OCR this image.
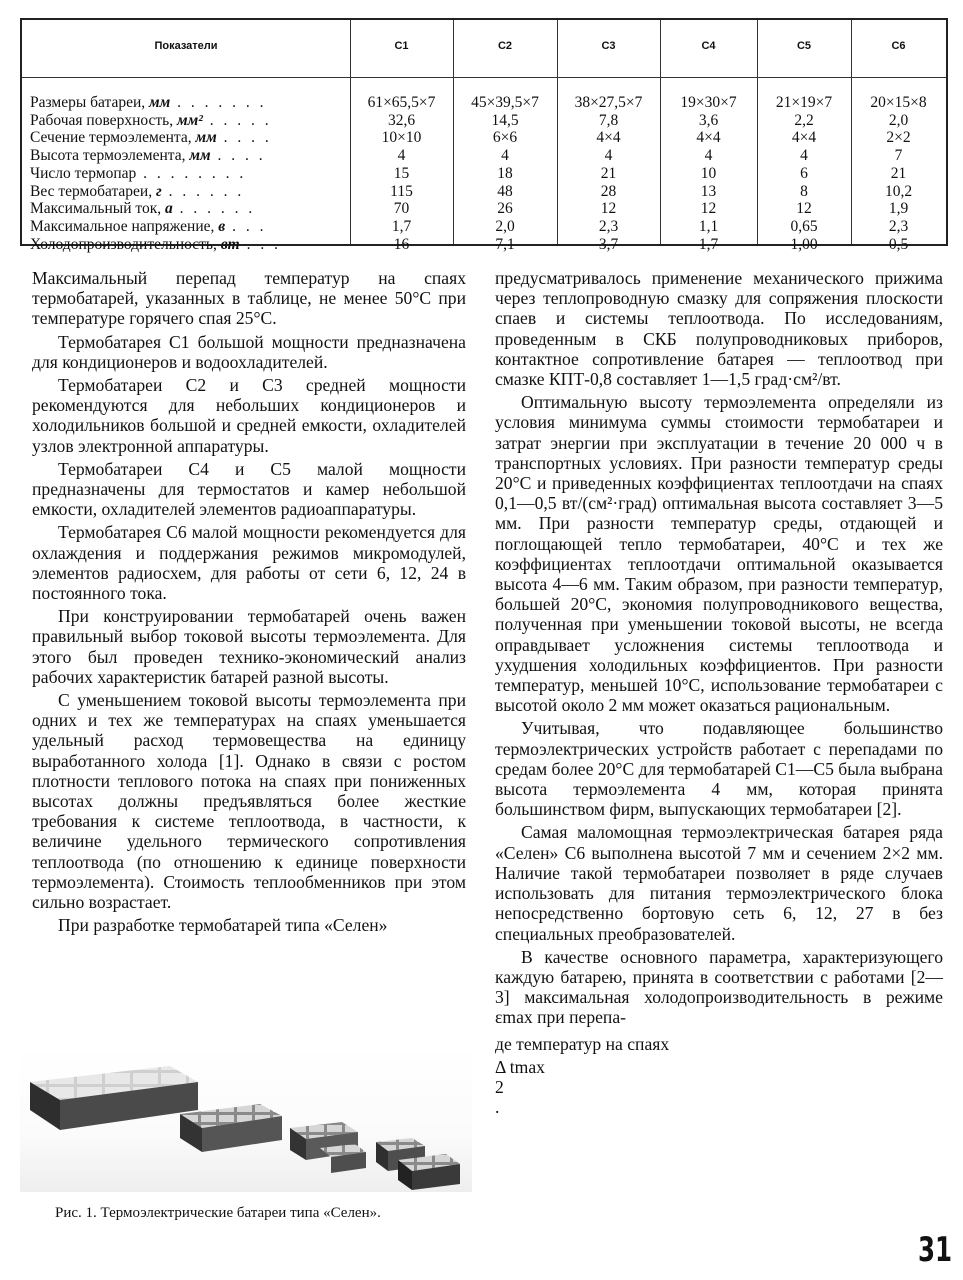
Показатели	С1	С2	С3	С4	С5	С6
Размеры батареи, мм . . . . . . .	61×65,5×7	45×39,5×7	38×27,5×7	19×30×7	21×19×7	20×15×8
Рабочая поверхность, мм² . . . . .	32,6	14,5	7,8	3,6	2,2	2,0
Сечение термоэлемента, мм . . . .	10×10	6×6	4×4	4×4	4×4	2×2
Высота термоэлемента, мм . . . .	4	4	4	4	4	7
Число термопар . . . . . . . .	15	18	21	10	6	21
Вес термобатареи, г . . . . . .	115	48	28	13	8	10,2
Максимальный ток, а . . . . . .	70	26	12	12	12	1,9
Максимальное напряжение, в . . .	1,7	2,0	2,3	1,1	0,65	2,3
Холодопроизводительность, вт . . .	16	7,1	3,7	1,7	1,00	0,5

Максимальный перепад температур на спаях термобатарей, указанных в таблице, не менее 50°С при температуре горячего спая 25°С.

Термобатарея С1 большой мощности предназначена для кондиционеров и водоохладителей.

Термобатареи С2 и С3 средней мощности рекомендуются для небольших кондиционеров и холодильников большой и средней емкости, охладителей узлов электронной аппаратуры.

Термобатареи С4 и С5 малой мощности предназначены для термостатов и камер небольшой емкости, охладителей элементов радиоаппаратуры.

Термобатарея С6 малой мощности рекомендуется для охлаждения и поддержания режимов микромодулей, элементов радиосхем, для работы от сети 6, 12, 24 в постоянного тока.

При конструировании термобатарей очень важен правильный выбор токовой высоты термоэлемента. Для этого был проведен технико-экономический анализ рабочих характеристик батарей разной высоты.

С уменьшением токовой высоты термоэлемента при одних и тех же температурах на спаях уменьшается удельный расход термовещества на единицу выработанного холода [1]. Однако в связи с ростом плотности теплового потока на спаях при пониженных высотах должны предъявляться более жесткие требования к системе теплоотвода, в частности, к величине удельного термического сопротивления теплоотвода (по отношению к единице поверхности термоэлемента). Стоимость теплообменников при этом сильно возрастает.

При разработке термобатарей типа «Селен»

Рис. 1. Термоэлектрические батареи типа «Селен».

предусматривалось применение механического прижима через теплопроводную смазку для сопряжения плоскости спаев и системы теплоотвода. По исследованиям, проведенным в СКБ полупроводниковых приборов, контактное сопротивление батарея — теплоотвод при смазке КПТ-0,8 составляет 1—1,5 град·см²/вт.

Оптимальную высоту термоэлемента определяли из условия минимума суммы стоимости термобатареи и затрат энергии при эксплуатации в течение 20 000 ч в транспортных условиях. При разности температур среды 20°С и приведенных коэффициентах теплоотдачи на спаях 0,1—0,5 вт/(см²·град) оптимальная высота составляет 3—5 мм. При разности температур среды, отдающей и поглощающей тепло термобатареи, 40°С и тех же коэффициентах теплоотдачи оптимальной оказывается высота 4—6 мм. Таким образом, при разности температур, большей 20°С, экономия полупроводникового вещества, полученная при уменьшении токовой высоты, не всегда оправдывает усложнения системы теплоотвода и ухудшения холодильных коэффициентов. При разности температур, меньшей 10°С, использование термобатареи с высотой около 2 мм может оказаться рациональным.

Учитывая, что подавляющее большинство термоэлектрических устройств работает с перепадами по средам более 20°С для термобатарей С1—С5 была выбрана высота термоэлемента 4 мм, которая принята большинством фирм, выпускающих термобатареи [2].

Самая маломощная термоэлектрическая батарея ряда «Селен» С6 выполнена высотой 7 мм и сечением 2×2 мм. Наличие такой термобатареи позволяет в ряде случаев использовать для питания термоэлектрического блока непосредственно бортовую сеть 6, 12, 27 в без специальных преобразователей.

В качестве основного параметра, характеризующего каждую батарею, принята в соответствии с работами [2—3] максимальная холодопроизводительность в режиме εmax при перепа-

де температур на спаях

Δ tmax
2
.

31
